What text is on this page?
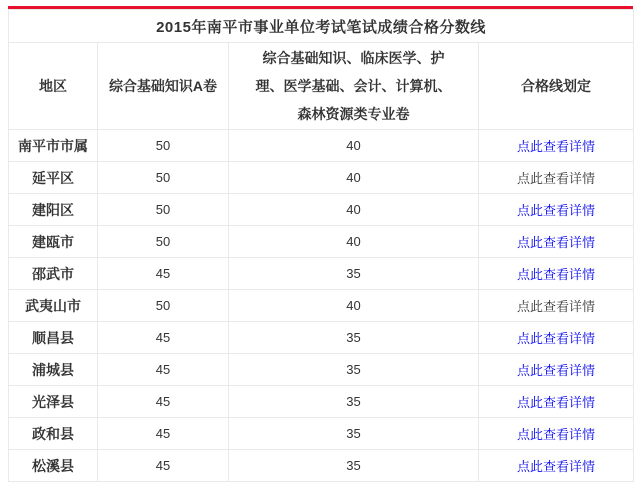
2015年南平市事业单位考试笔试成绩合格分数线			
地区	综合基础知识A卷	综合基础知识、临床医学、护
理、医学基础、会计、计算机、
森林资源类专业卷	合格线划定
南平市市属	50	40	点此查看详情
延平区	50	40	点此查看详情
建阳区	50	40	点此查看详情
建瓯市	50	40	点此查看详情
邵武市	45	35	点此查看详情
武夷山市	50	40	点此查看详情
顺昌县	45	35	点此查看详情
浦城县	45	35	点此查看详情
光泽县	45	35	点此查看详情
政和县	45	35	点此查看详情
松溪县	45	35	点此查看详情
